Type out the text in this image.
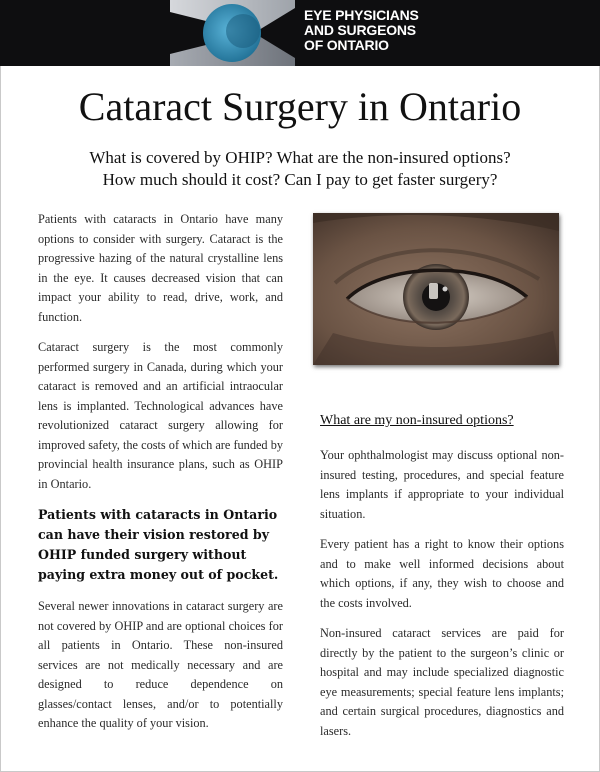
EYE PHYSICIANS
AND SURGEONS
OF ONTARIO
Cataract Surgery in Ontario
What is covered by OHIP? What are the non-insured options?
How much should it cost? Can I pay to get faster surgery?

Patients with cataracts in Ontario have many options to consider with surgery. Cataract is the progressive hazing of the natural crystalline lens in the eye. It causes decreased vision that can impact your ability to read, drive, work, and function.

Cataract surgery is the most commonly performed surgery in Canada, during which your cataract is removed and an artificial intraocular lens is implanted. Technological advances have revolutionized cataract surgery allowing for improved safety, the costs of which are funded by provincial health insurance plans, such as OHIP in Ontario.

Patients with cataracts in Ontario can have their vision restored by OHIP funded surgery without paying extra money out of pocket.

Several newer innovations in cataract surgery are not covered by OHIP and are optional choices for all patients in Ontario. These non-insured services are not medically necessary and are designed to reduce dependence on glasses/contact lenses, and/or to potentially enhance the quality of your vision.

What are my non-insured options?

Your ophthalmologist may discuss optional non-insured testing, procedures, and special feature lens implants if appropriate to your individual situation.

Every patient has a right to know their options and to make well informed decisions about which options, if any, they wish to choose and the costs involved.

Non-insured cataract services are paid for directly by the patient to the surgeon’s clinic or hospital and may include specialized diagnostic eye measurements; special feature lens implants; and certain surgical procedures, diagnostics and lasers.
